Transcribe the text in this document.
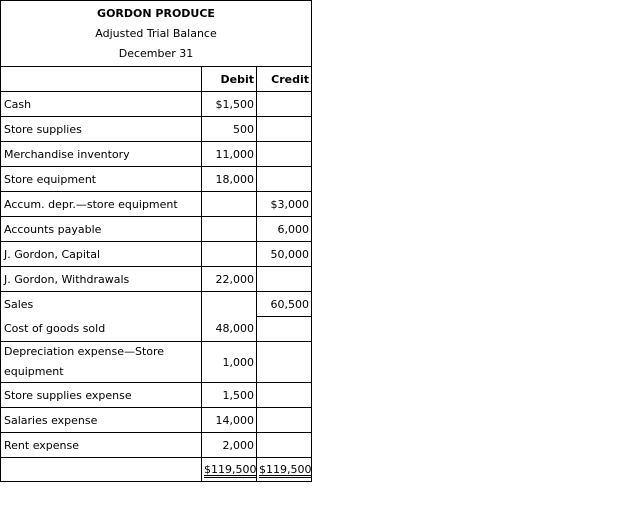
GORDON PRODUCE
Adjusted Trial Balance
December 31
	Debit	Credit
Cash	$1,500	
Store supplies	500	
Merchandise inventory	11,000	
Store equipment	18,000	
Accum. depr.—store equipment		$3,000
Accounts payable		6,000
J. Gordon, Capital		50,000
J. Gordon, Withdrawals	22,000	
Sales		60,500
Cost of goods sold	48,000	
Depreciation expense—Store equipment	1,000	
Store supplies expense	1,500	
Salaries expense	14,000	
Rent expense	2,000	
	$119,500	$119,500
